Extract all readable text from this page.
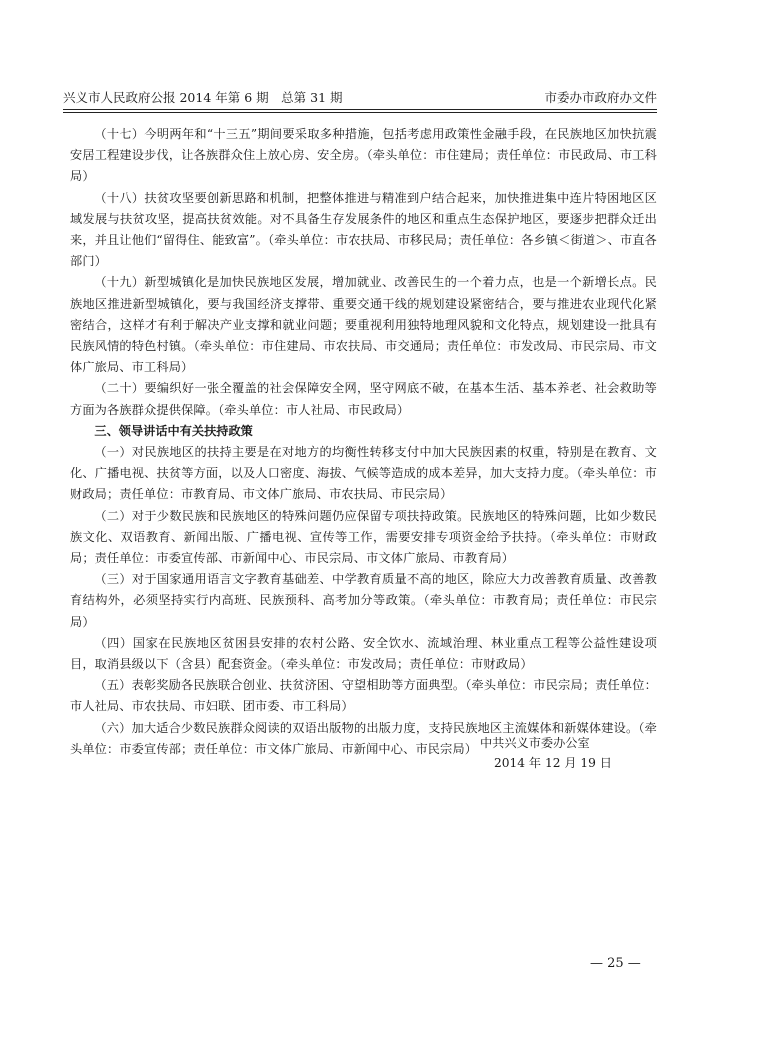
兴义市人民政府公报 2014 年第 6 期　总第 31 期	市委办市政府办文件

（十七）今明两年和“十三五”期间要采取多种措施，包括考虑用政策性金融手段，在民族地区加快抗震安居工程建设步伐，让各族群众住上放心房、安全房。（牵头单位：市住建局；责任单位：市民政局、市工科局）

（十八）扶贫攻坚要创新思路和机制，把整体推进与精准到户结合起来，加快推进集中连片特困地区区域发展与扶贫攻坚，提高扶贫效能。对不具备生存发展条件的地区和重点生态保护地区，要逐步把群众迁出来，并且让他们“留得住、能致富”。（牵头单位：市农扶局、市移民局；责任单位：各乡镇＜街道＞、市直各部门）

（十九）新型城镇化是加快民族地区发展，增加就业、改善民生的一个着力点，也是一个新增长点。民族地区推进新型城镇化，要与我国经济支撑带、重要交通干线的规划建设紧密结合，要与推进农业现代化紧密结合，这样才有利于解决产业支撑和就业问题；要重视利用独特地理风貌和文化特点，规划建设一批具有民族风情的特色村镇。（牵头单位：市住建局、市农扶局、市交通局；责任单位：市发改局、市民宗局、市文体广旅局、市工科局）

（二十）要编织好一张全覆盖的社会保障安全网，坚守网底不破，在基本生活、基本养老、社会救助等方面为各族群众提供保障。（牵头单位：市人社局、市民政局）

三、领导讲话中有关扶持政策

（一）对民族地区的扶持主要是在对地方的均衡性转移支付中加大民族因素的权重，特别是在教育、文化、广播电视、扶贫等方面，以及人口密度、海拔、气候等造成的成本差异，加大支持力度。（牵头单位：市财政局；责任单位：市教育局、市文体广旅局、市农扶局、市民宗局）

（二）对于少数民族和民族地区的特殊问题仍应保留专项扶持政策。民族地区的特殊问题，比如少数民族文化、双语教育、新闻出版、广播电视、宣传等工作，需要安排专项资金给予扶持。（牵头单位：市财政局；责任单位：市委宣传部、市新闻中心、市民宗局、市文体广旅局、市教育局）

（三）对于国家通用语言文字教育基础差、中学教育质量不高的地区，除应大力改善教育质量、改善教育结构外，必须坚持实行内高班、民族预科、高考加分等政策。（牵头单位：市教育局；责任单位：市民宗局）

（四）国家在民族地区贫困县安排的农村公路、安全饮水、流域治理、林业重点工程等公益性建设项目，取消县级以下（含县）配套资金。（牵头单位：市发改局；责任单位：市财政局）

（五）表彰奖励各民族联合创业、扶贫济困、守望相助等方面典型。（牵头单位：市民宗局；责任单位：市人社局、市农扶局、市妇联、团市委、市工科局）

（六）加大适合少数民族群众阅读的双语出版物的出版力度，支持民族地区主流媒体和新媒体建设。（牵头单位：市委宣传部；责任单位：市文体广旅局、市新闻中心、市民宗局） 中共兴义市委办公室
2014 年 12 月 19 日
— 25 —
